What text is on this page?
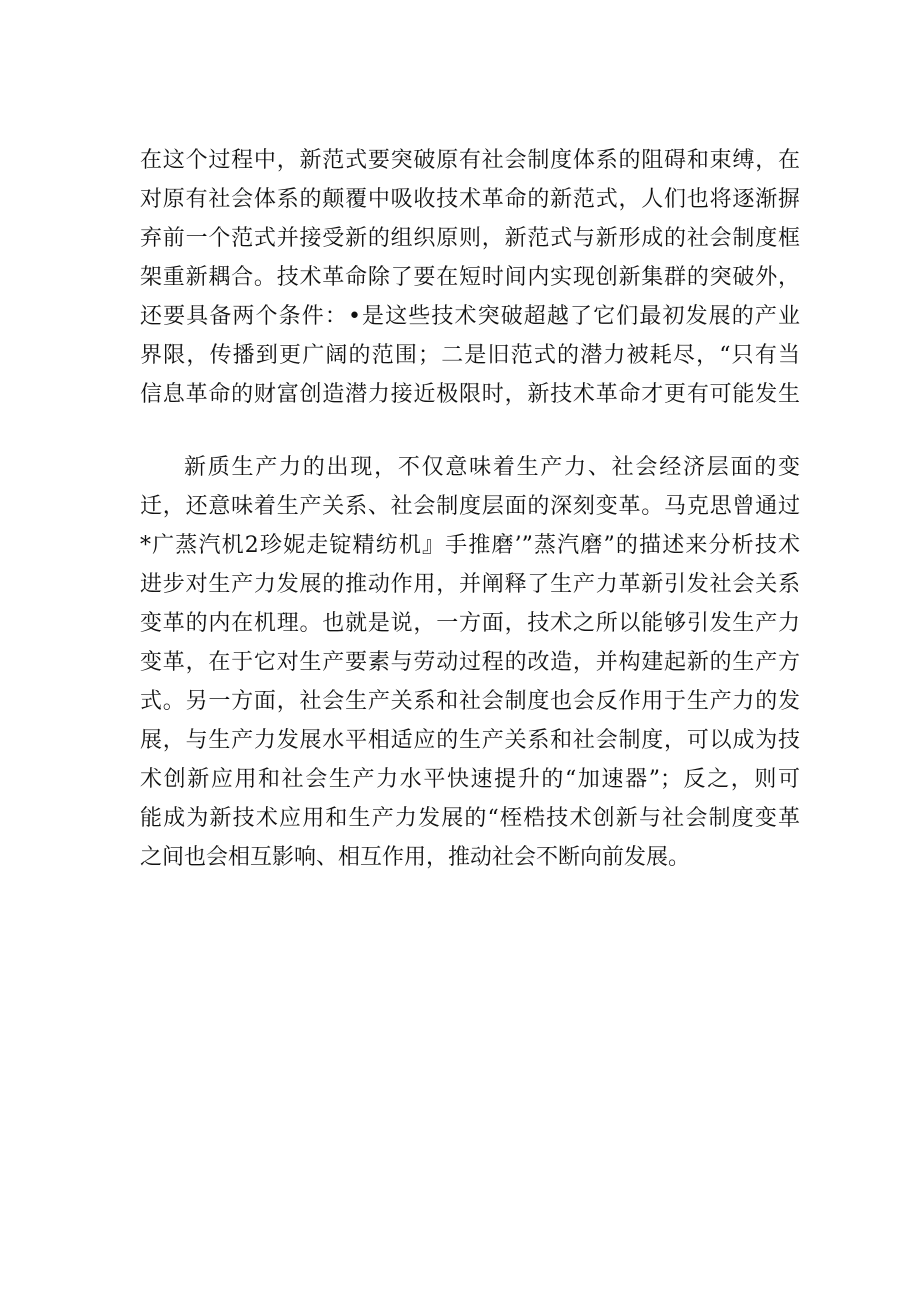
在这个过程中，新范式要突破原有社会制度体系的阻碍和束缚，在
对原有社会体系的颠覆中吸收技术革命的新范式，人们也将逐渐摒
弃前一个范式并接受新的组织原则，新范式与新形成的社会制度框
架重新耦合。技术革命除了要在短时间内实现创新集群的突破外，
还要具备两个条件：•是这些技术突破超越了它们最初发展的产业
界限，传播到更广阔的范围；二是旧范式的潜力被耗尽，“只有当
信息革命的财富创造潜力接近极限时，新技术革命才更有可能发生
新质生产力的出现，不仅意味着生产力、社会经济层面的变
迁，还意味着生产关系、社会制度层面的深刻变革。马克思曾通过
*广蒸汽机2珍妮走锭精纺机』手推磨’”蒸汽磨”的描述来分析技术
进步对生产力发展的推动作用，并阐释了生产力革新引发社会关系
变革的内在机理。也就是说，一方面，技术之所以能够引发生产力
变革，在于它对生产要素与劳动过程的改造，并构建起新的生产方
式。另一方面，社会生产关系和社会制度也会反作用于生产力的发
展，与生产力发展水平相适应的生产关系和社会制度，可以成为技
术创新应用和社会生产力水平快速提升的“加速器”；反之，则可
能成为新技术应用和生产力发展的“桎梏技术创新与社会制度变革
之间也会相互影响、相互作用，推动社会不断向前发展。
